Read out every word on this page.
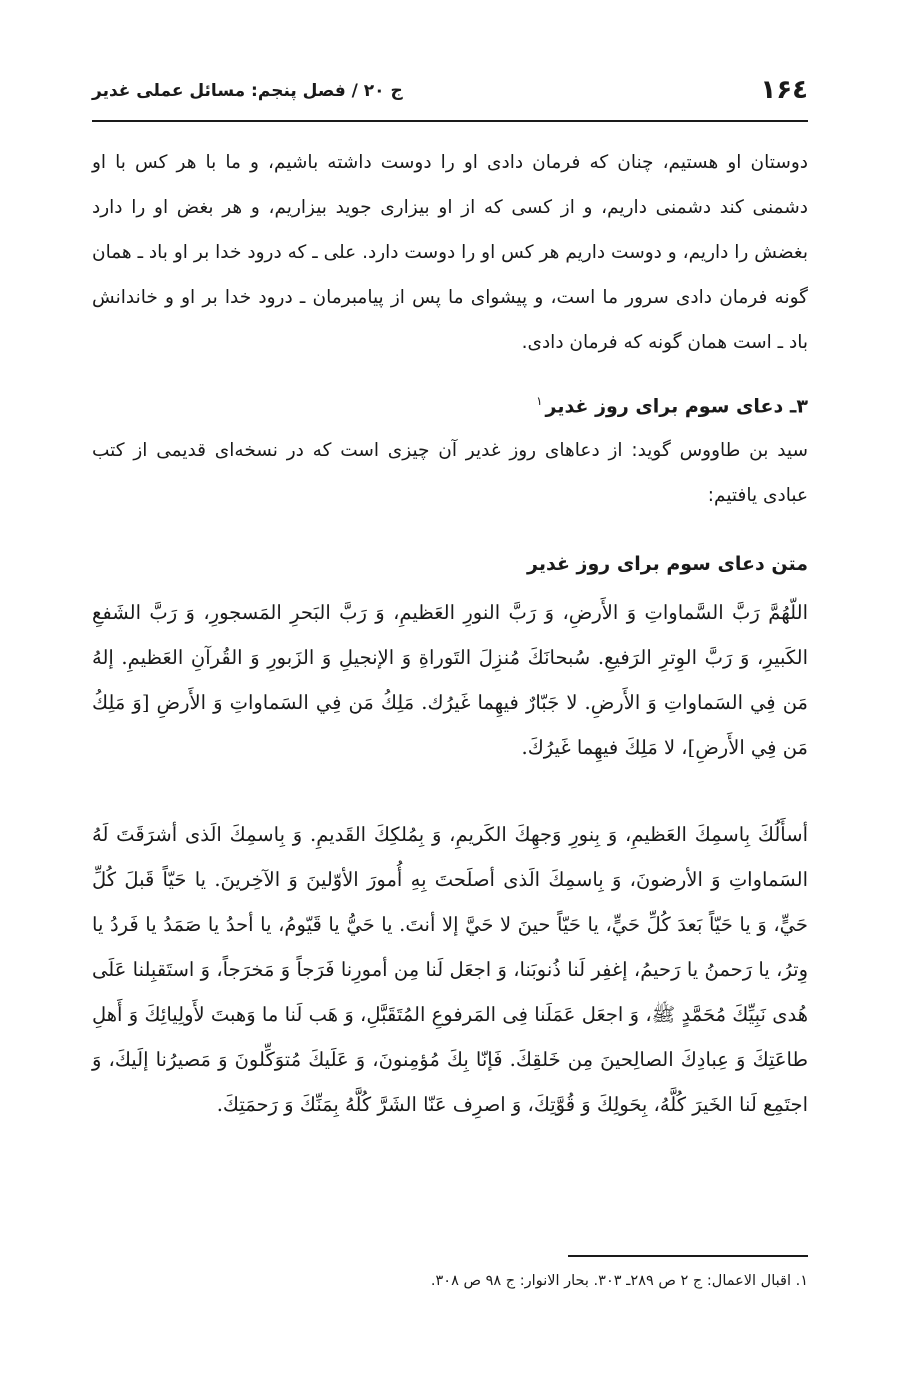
۱۶٤
ج ۲۰ / فصل پنجم: مسائل عملی غدیر
دوستان او هستیم، چنان که فرمان دادی او را دوست داشته باشیم، و ما با هر کس با او دشمنی کند دشمنی داریم، و از کسی که از او بیزاری جوید بیزاریم، و هر بغض او را دارد بغضش را داریم، و دوست داریم هر کس او را دوست دارد. علی ـ که درود خدا بر او باد ـ همان گونه فرمان دادی سرور ما است، و پیشوای ما پس از پیامبرمان ـ درود خدا بر او و خاندانش باد ـ است همان گونه که فرمان دادی.
۳ـ دعای سوم برای روز غدیر$^۱$
سید بن طاووس گوید: از دعاهای روز غدیر آن چیزی است که در نسخه‌ای قدیمی از کتب عبادی یافتیم:
متن دعای سوم برای روز غدیر
اللّهُمَّ رَبَّ السَّماواتِ وَ الأَرضِ، وَ رَبَّ النورِ العَظيمِ، وَ رَبَّ البَحرِ المَسجورِ، وَ رَبَّ الشَفعِ الكَبيرِ، وَ رَبَّ الوِترِ الرَفيعِ. سُبحانَكَ مُنزِلَ التَوراةِ وَ الإنجيلِ وَ الزَبورِ وَ القُرآنِ العَظيمِ. إلهُ مَن فِي السَماواتِ وَ الأَرضِ. لا جَبّارٌ فيهِما غَيرُك. مَلِكُ مَن فِي السَماواتِ وَ الأَرضِ [وَ مَلِكُ مَن فِي الأَرضِ]، لا مَلِكَ فيهِما غَيرُكَ.
أسأَلُكَ بِاسمِكَ العَظيمِ، وَ بِنورِ وَجهِكَ الكَريمِ، وَ بِمُلكِكَ القَديمِ. وَ بِاسمِكَ الَذى أشرَقَتَ لَهُ السَماواتِ وَ الأرضونَ، وَ بِاسمِكَ الَذى أصلَحتَ بِهِ أُمورَ الأوّلينَ وَ الآخِرينَ. يا حَيّاً قَبلَ كُلِّ حَيٍّ، وَ يا حَيّاً بَعدَ كُلِّ حَيٍّ، يا حَيّاً حينَ لا حَيَّ إلا أنتَ. يا حَيُّ يا قَيّومُ، يا أحدُ يا صَمَدُ يا فَردُ يا وِترُ، يا رَحمنُ يا رَحيمُ، إغفِر لَنا ذُنوبَنا، وَ اجعَل لَنا مِن أمورِنا فَرَجاً وَ مَخرَجاً، وَ استَقبِلنا عَلَى هُدى نَبِيِّكَ مُحَمَّدٍ ﷺ، وَ اجعَل عَمَلَنا فِى المَرفوعِ المُتَقَبَّلِ، وَ هَب لَنا ما وَهبتَ لأَولِيائِكَ وَ أَهلِ طاعَتِكَ وَ عِبادِكَ الصالِحينَ مِن خَلقِكَ. فَإنّا بِكَ مُؤمِنونَ، وَ عَلَيكَ مُتوَكِّلونَ وَ مَصيرُنا إلَيكَ، وَ اجتَمِع لَنا الخَيرَ كُلَّهُ، بِحَولِكَ وَ قُوَّتِكَ، وَ اصرِف عَنّا الشَرَّ كُلَّهُ بِمَنِّكَ وَ رَحمَتِكَ.
۱. اقبال الاعمال: ج ۲ ص ۲۸۹ـ ۳۰۳. بحار الانوار: ج ۹۸ ص ۳۰۸.
